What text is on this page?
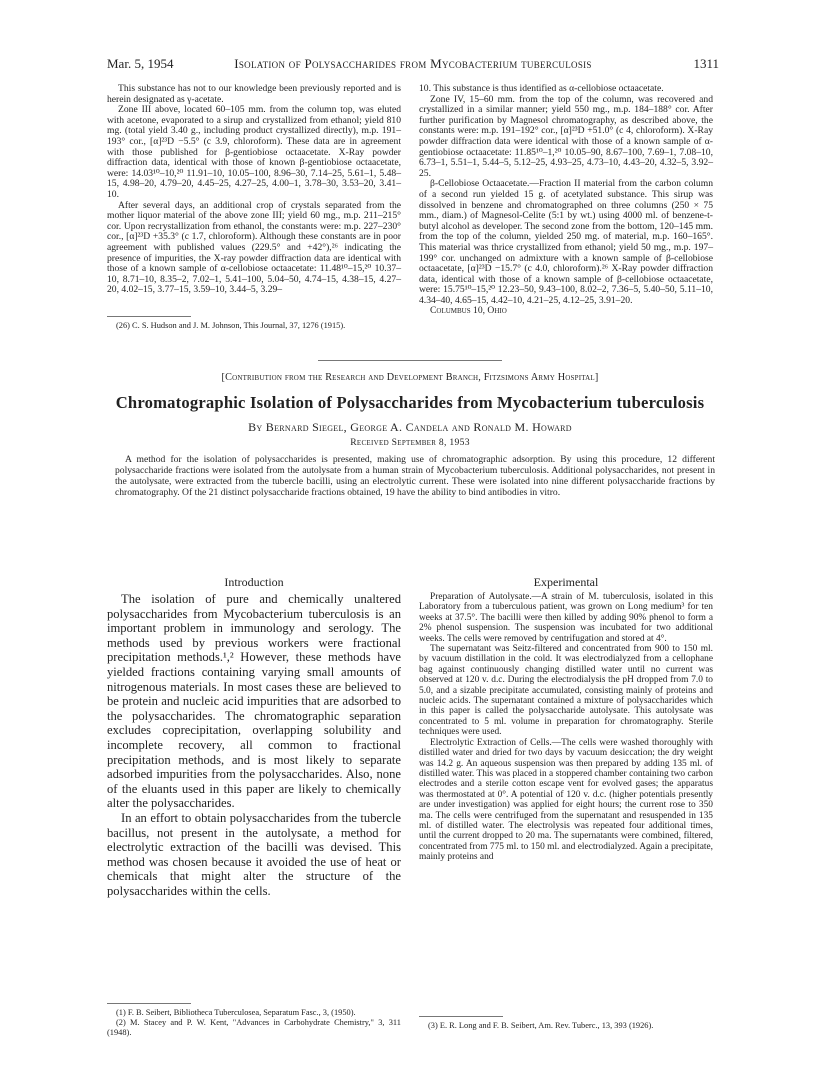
Mar. 5, 1954	Isolation of Polysaccharides from Mycobacterium tuberculosis	1311

This substance has not to our knowledge been previously reported and is herein designated as γ-acetate.

Zone III above, located 60–105 mm. from the column top, was eluted with acetone, evaporated to a sirup and crystallized from ethanol; yield 810 mg. (total yield 3.40 g., including product crystallized directly), m.p. 191–193° cor., [α]²³D −5.5° (c 3.9, chloroform). These data are in agreement with those published for β-gentiobiose octaacetate. X-Ray powder diffraction data, identical with those of known β-gentiobiose octaacetate, were: 14.03¹⁰–10,²⁰ 11.91–10, 10.05–100, 8.96–30, 7.14–25, 5.61–1, 5.48–15, 4.98–20, 4.79–20, 4.45–25, 4.27–25, 4.00–1, 3.78–30, 3.53–20, 3.41–10.

After several days, an additional crop of crystals separated from the mother liquor material of the above zone III; yield 60 mg., m.p. 211–215° cor. Upon recrystallization from ethanol, the constants were: m.p. 227–230° cor., [α]²³D +35.3° (c 1.7, chloroform). Although these constants are in poor agreement with published values (229.5° and +42°),²⁶ indicating the presence of impurities, the X-ray powder diffraction data are identical with those of a known sample of α-cellobiose octaacetate: 11.48¹⁰–15,²⁰ 10.37–10, 8.71–10, 8.35–2, 7.02–1, 5.41–100, 5.04–50, 4.74–15, 4.38–15, 4.27–20, 4.02–15, 3.77–15, 3.59–10, 3.44–5, 3.29–

(26) C. S. Hudson and J. M. Johnson, This Journal, 37, 1276 (1915).

10. This substance is thus identified as α-cellobiose octaacetate.

Zone IV, 15–60 mm. from the top of the column, was recovered and crystallized in a similar manner; yield 550 mg., m.p. 184–188° cor. After further purification by Magnesol chromatography, as described above, the constants were: m.p. 191–192° cor., [α]²³D +51.0° (c 4, chloroform). X-Ray powder diffraction data were identical with those of a known sample of α-gentiobiose octaacetate: 11.85¹⁰–1,²⁰ 10.05–90, 8.67–100, 7.69–1, 7.08–10, 6.73–1, 5.51–1, 5.44–5, 5.12–25, 4.93–25, 4.73–10, 4.43–20, 4.32–5, 3.92–25.

β-Cellobiose Octaacetate.—Fraction II material from the carbon column of a second run yielded 15 g. of acetylated substance. This sirup was dissolved in benzene and chromatographed on three columns (250 × 75 mm., diam.) of Magnesol-Celite (5:1 by wt.) using 4000 ml. of benzene-t-butyl alcohol as developer. The second zone from the bottom, 120–145 mm. from the top of the column, yielded 250 mg. of material, m.p. 160–165°. This material was thrice crystallized from ethanol; yield 50 mg., m.p. 197–199° cor. unchanged on admixture with a known sample of β-cellobiose octaacetate, [α]²³D −15.7° (c 4.0, chloroform).²⁶ X-Ray powder diffraction data, identical with those of a known sample of β-cellobiose octaacetate, were: 15.75¹⁰–15,²⁰ 12.23–50, 9.43–100, 8.02–2, 7.36–5, 5.40–50, 5.11–10, 4.34–40, 4.65–15, 4.42–10, 4.21–25, 4.12–25, 3.91–20.

Columbus 10, Ohio

[Contribution from the Research and Development Branch, Fitzsimons Army Hospital]
Chromatographic Isolation of Polysaccharides from Mycobacterium tuberculosis
By Bernard Siegel, George A. Candela and Ronald M. Howard
Received September 8, 1953

A method for the isolation of polysaccharides is presented, making use of chromatographic adsorption. By using this procedure, 12 different polysaccharide fractions were isolated from the autolysate from a human strain of Mycobacterium tuberculosis. Additional polysaccharides, not present in the autolysate, were extracted from the tubercle bacilli, using an electrolytic current. These were isolated into nine different polysaccharide fractions by chromatography. Of the 21 distinct polysaccharide fractions obtained, 19 have the ability to bind antibodies in vitro.

Introduction

The isolation of pure and chemically unaltered polysaccharides from Mycobacterium tuberculosis is an important problem in immunology and serology. The methods used by previous workers were fractional precipitation methods.¹,² However, these methods have yielded fractions containing varying small amounts of nitrogenous materials. In most cases these are believed to be protein and nucleic acid impurities that are adsorbed to the polysaccharides. The chromatographic separation excludes coprecipitation, overlapping solubility and incomplete recovery, all common to fractional precipitation methods, and is most likely to separate adsorbed impurities from the polysaccharides. Also, none of the eluants used in this paper are likely to chemically alter the polysaccharides.

In an effort to obtain polysaccharides from the tubercle bacillus, not present in the autolysate, a method for electrolytic extraction of the bacilli was devised. This method was chosen because it avoided the use of heat or chemicals that might alter the structure of the polysaccharides within the cells.

(1) F. B. Seibert, Bibliotheca Tuberculosea, Separatum Fasc., 3, (1950).

(2) M. Stacey and P. W. Kent, "Advances in Carbohydrate Chemistry," 3, 311 (1948).

Experimental

Preparation of Autolysate.—A strain of M. tuberculosis, isolated in this Laboratory from a tuberculous patient, was grown on Long medium³ for ten weeks at 37.5°. The bacilli were then killed by adding 90% phenol to form a 2% phenol suspension. The suspension was incubated for two additional weeks. The cells were removed by centrifugation and stored at 4°.

The supernatant was Seitz-filtered and concentrated from 900 to 150 ml. by vacuum distillation in the cold. It was electrodialyzed from a cellophane bag against continuously changing distilled water until no current was observed at 120 v. d.c. During the electrodialysis the pH dropped from 7.0 to 5.0, and a sizable precipitate accumulated, consisting mainly of proteins and nucleic acids. The supernatant contained a mixture of polysaccharides which in this paper is called the polysaccharide autolysate. This autolysate was concentrated to 5 ml. volume in preparation for chromatography. Sterile techniques were used.

Electrolytic Extraction of Cells.—The cells were washed thoroughly with distilled water and dried for two days by vacuum desiccation; the dry weight was 14.2 g. An aqueous suspension was then prepared by adding 135 ml. of distilled water. This was placed in a stoppered chamber containing two carbon electrodes and a sterile cotton escape vent for evolved gases; the apparatus was thermostated at 0°. A potential of 120 v. d.c. (higher potentials presently are under investigation) was applied for eight hours; the current rose to 350 ma. The cells were centrifuged from the supernatant and resuspended in 135 ml. of distilled water. The electrolysis was repeated four additional times, until the current dropped to 20 ma. The supernatants were combined, filtered, concentrated from 775 ml. to 150 ml. and electrodialyzed. Again a precipitate, mainly proteins and

(3) E. R. Long and F. B. Seibert, Am. Rev. Tuberc., 13, 393 (1926).
